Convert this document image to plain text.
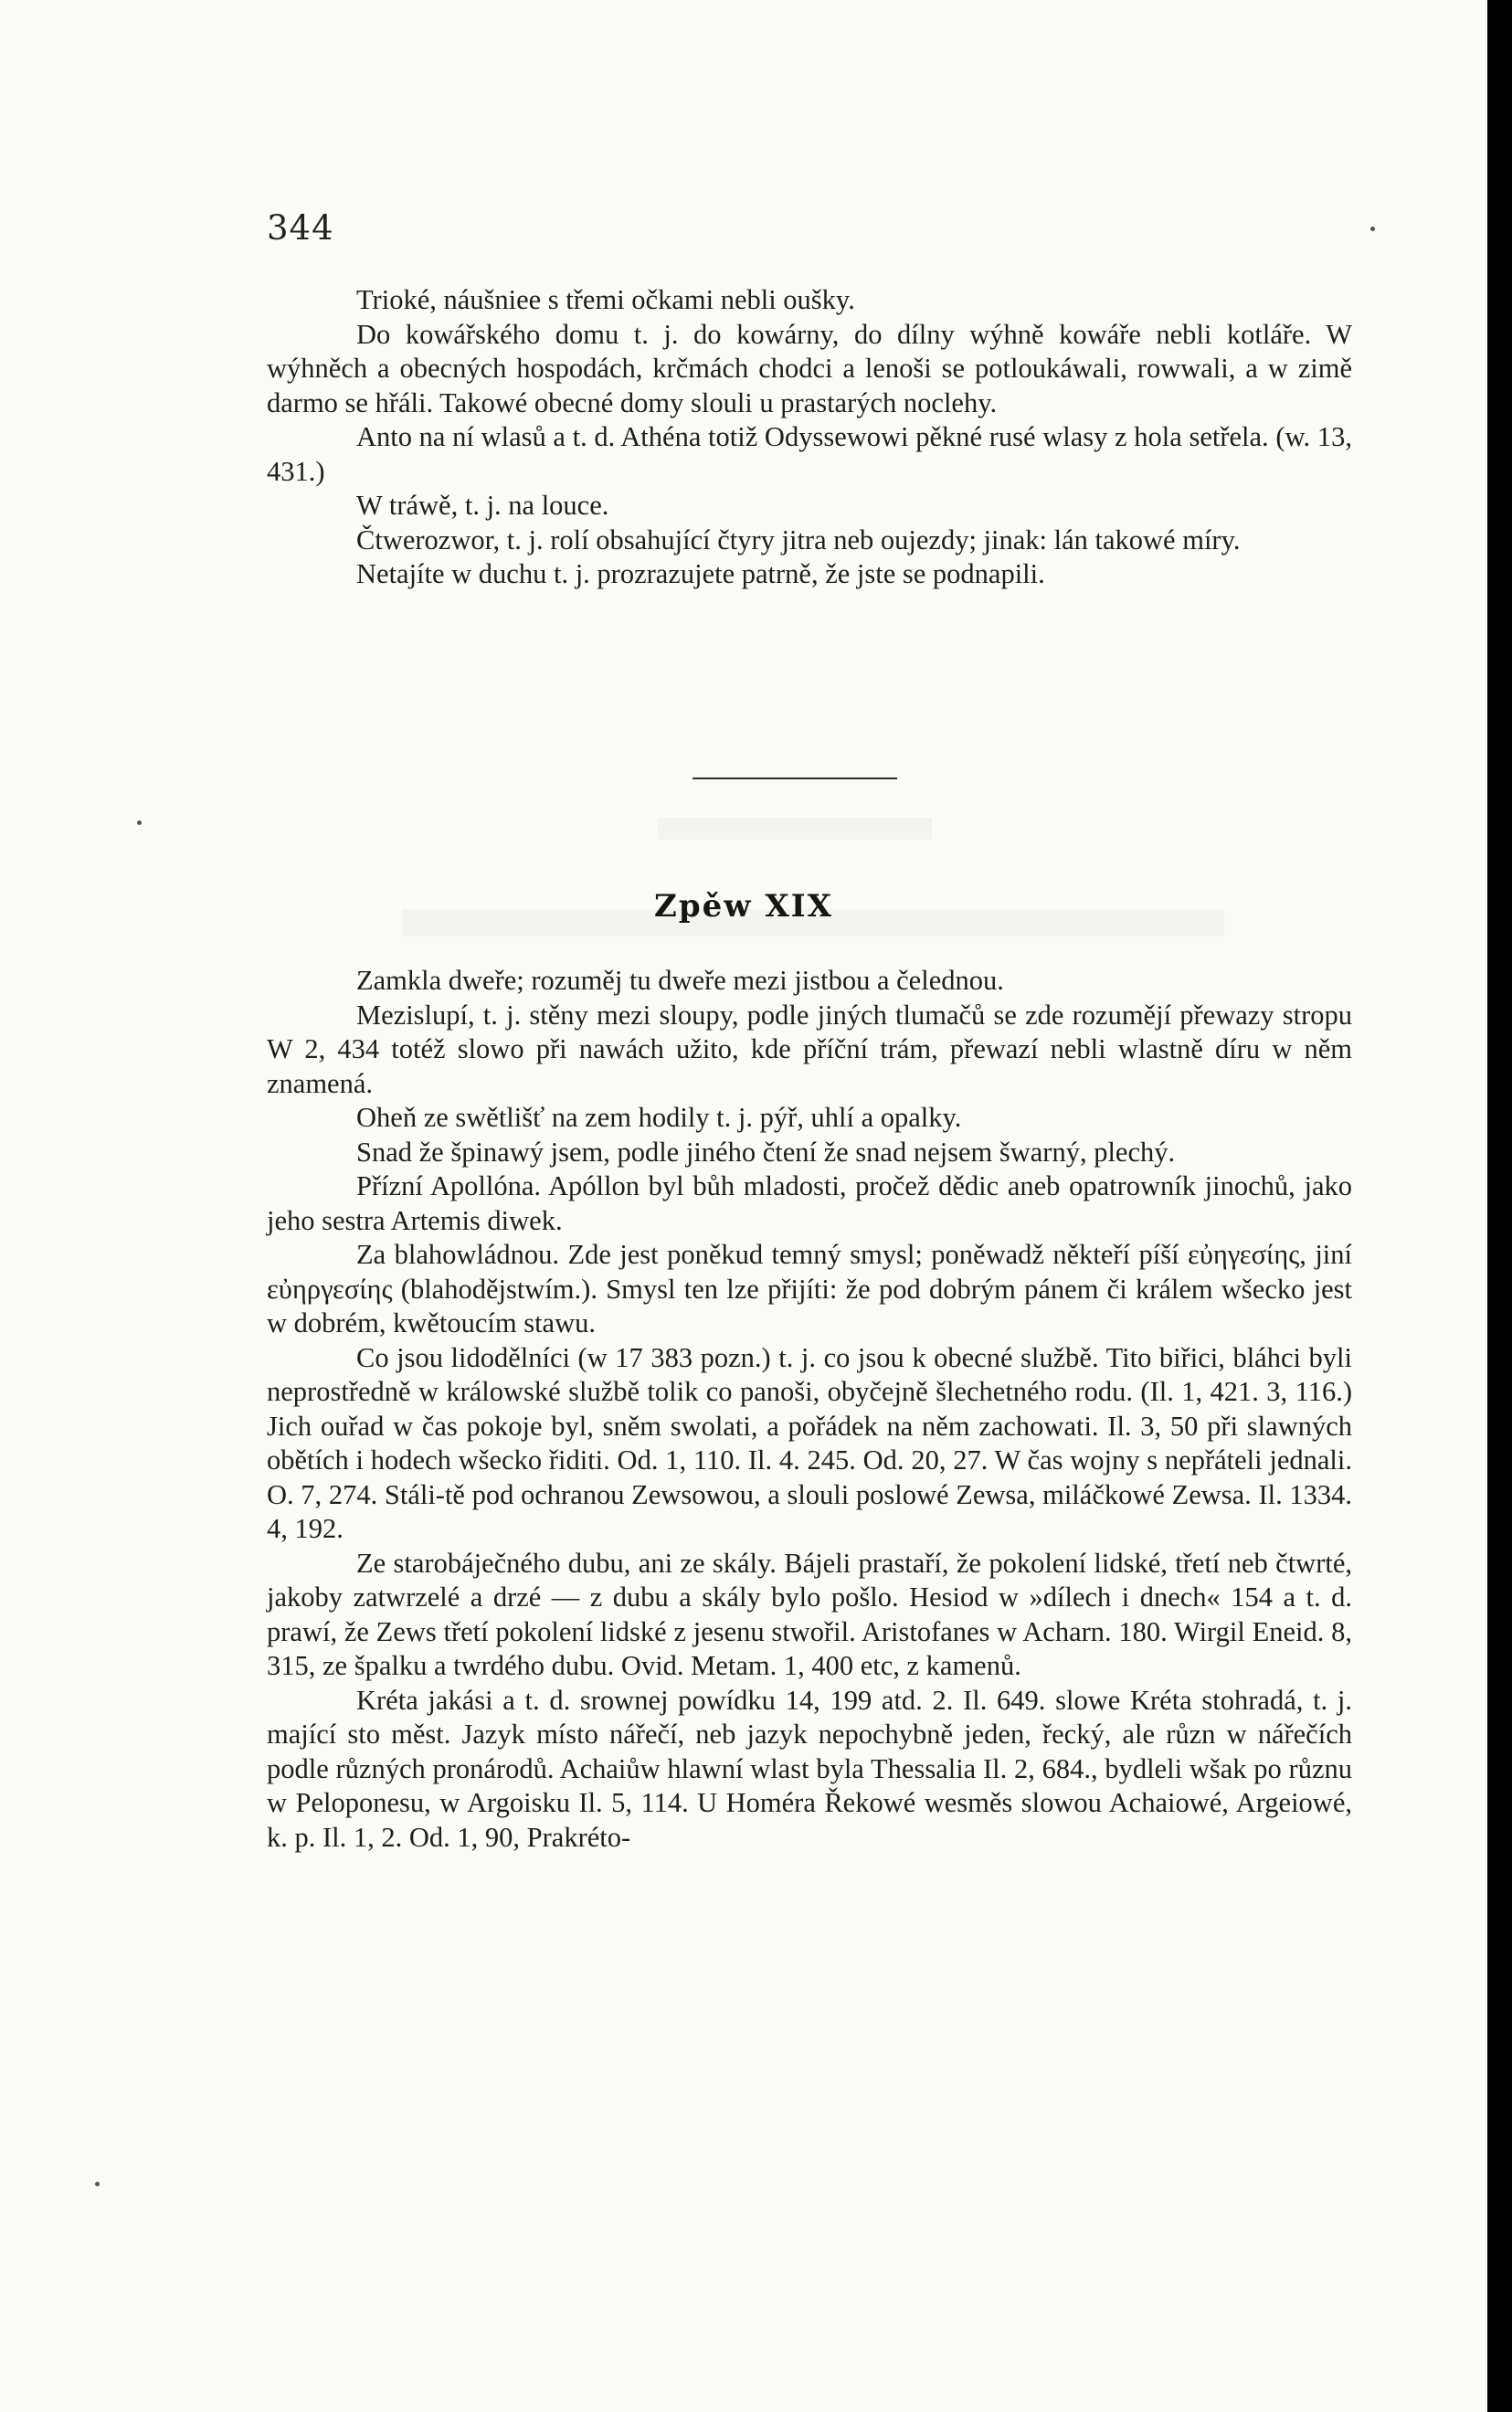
344

Trioké, náušniee s třemi očkami nebli oušky.

Do kowářského domu t. j. do kowárny, do dílny wýhně kowáře nebli kotláře. W wýhněch a obecných hospodách, krčmách chodci a lenoši se potloukáwali, rowwali, a w zimě darmo se hřáli. Takowé obecné domy slouli u prastarých noclehy.

Anto na ní wlasů a t. d. Athéna totiž Odyssewowi pěkné rusé wlasy z hola setřela. (w. 13, 431.)

W tráwě, t. j. na louce.

Čtwerozwor, t. j. rolí obsahující čtyry jitra neb oujezdy; jinak: lán takowé míry.

Netajíte w duchu t. j. prozrazujete patrně, že jste se podnapili.

Zpěw XIX

Zamkla dweře; rozuměj tu dweře mezi jistbou a čelednou.

Mezislupí, t. j. stěny mezi sloupy, podle jiných tlumačů se zde rozumějí přewazy stropu W 2, 434 totéž slowo při nawách užito, kde příční trám, přewazí nebli wlastně díru w něm znamená.

Oheň ze swětlišť na zem hodily t. j. pýř, uhlí a opalky.

Snad že špinawý jsem, podle jiného čtení že snad nejsem šwarný, plechý.

Přízní Apollóna. Apóllon byl bůh mladosti, pročež dědic aneb opatrowník jinochů, jako jeho sestra Artemis diwek.

Za blahowládnou. Zde jest poněkud temný smysl; poněwadž někteří píší εὐηγεσίης, jiní εὐηργεσίης (blahodějstwím.). Smysl ten lze přijíti: že pod dobrým pánem či králem wšecko jest w dobrém, kwětoucím stawu.

Co jsou lidodělníci (w 17 383 pozn.) t. j. co jsou k obecné službě. Tito biřici, bláhci byli neprostředně w králowské službě tolik co panoši, obyčejně šlechetného rodu. (Il. 1, 421. 3, 116.) Jich ouřad w čas pokoje byl, sněm swolati, a pořádek na něm zachowati. Il. 3, 50 při slawných obětích i hodech wšecko řiditi. Od. 1, 110. Il. 4. 245. Od. 20, 27. W čas wojny s nepřáteli jednali. O. 7, 274. Stáli-tě pod ochranou Zewsowou, a slouli poslowé Zewsa, miláčkowé Zewsa. Il. 1334. 4, 192.

Ze starobáječného dubu, ani ze skály. Bájeli prastaří, že pokolení lidské, třetí neb čtwrté, jakoby zatwrzelé a drzé — z dubu a skály bylo pošlo. Hesiod w »dílech i dnech« 154 a t. d. prawí, že Zews třetí pokolení lidské z jesenu stwořil. Aristofanes w Acharn. 180. Wirgil Eneid. 8, 315, ze špalku a twrdého dubu. Ovid. Metam. 1, 400 etc, z kamenů.

Kréta jakási a t. d. srownej powídku 14, 199 atd. 2. Il. 649. slowe Kréta stohradá, t. j. mající sto měst. Jazyk místo nářečí, neb jazyk nepochybně jeden, řecký, ale různ w nářečích podle různých pronárodů. Achaiůw hlawní wlast byla Thessalia Il. 2, 684., bydleli wšak po různu w Peloponesu, w Argoisku Il. 5, 114. U Homéra Řekowé wesměs slowou Achaiowé, Argeiowé, k. p. Il. 1, 2. Od. 1, 90, Prakréto-
